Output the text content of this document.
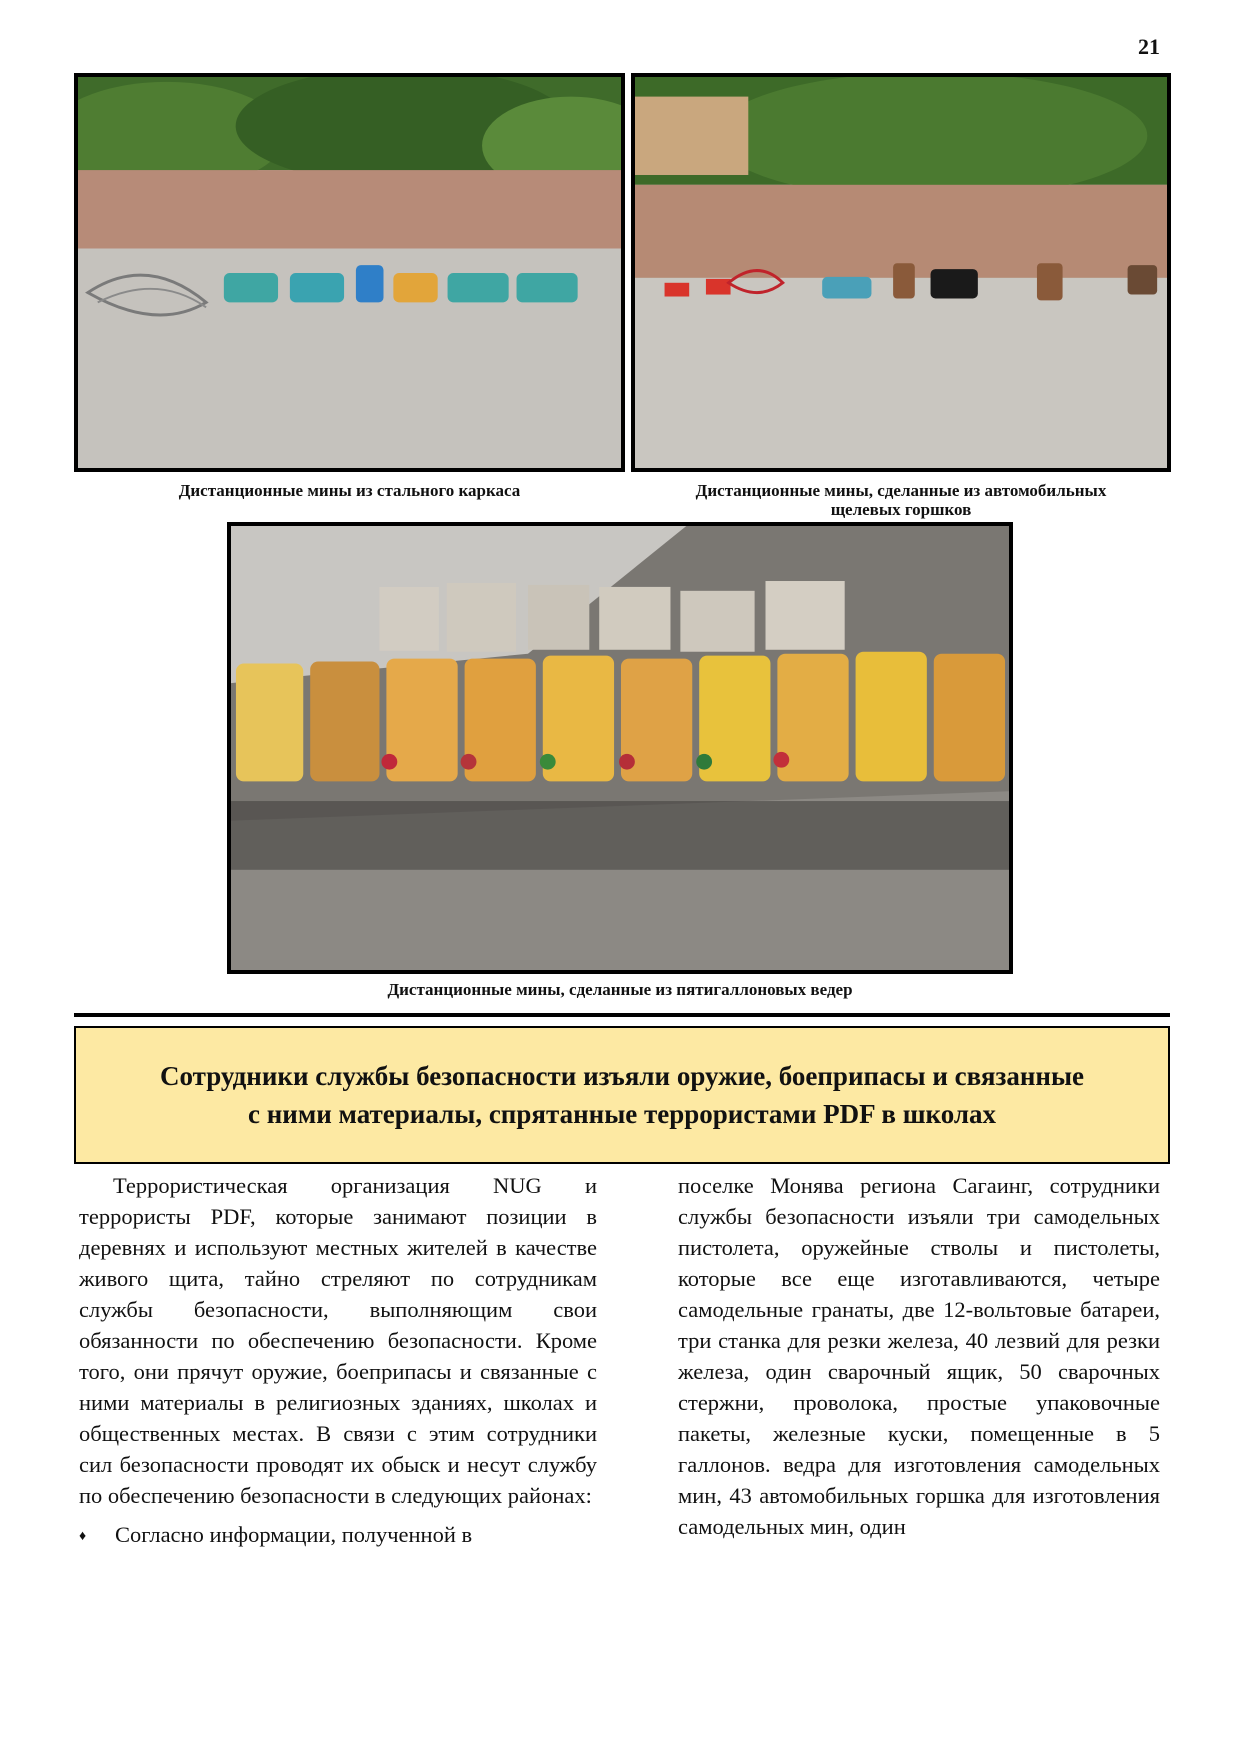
21
Дистанционные мины из стального каркаса	Дистанционные мины, сделанные из автомобильных
щелевых горшков
Дистанционные мины, сделанные из пятигаллоновых ведер
Сотрудники службы безопасности изъяли оружие, боеприпасы и связанные
с ними материалы, спрятанные террористами PDF в школах

Террористическая организация NUG и террористы PDF, которые занимают позиции в деревнях и используют местных жителей в качестве живого щита, тайно стреляют по сотрудникам службы безопасности, выполняющим свои обязанности по обеспечению безопасности. Кроме того, они прячут оружие, боеприпасы и связанные с ними материалы в религиозных зданиях, школах и общественных местах. В связи с этим сотрудники сил безопасности проводят их обыск и несут службу по обеспечению безопасности в следующих районах:

♦	Согласно информации, полученной в

поселке Монява региона Сагаинг, сотрудники службы безопасности изъяли три самодельных пистолета, оружейные стволы и пистолеты, которые все еще изготавливаются, четыре самодельные гранаты, две 12-вольтовые батареи, три станка для резки железа, 40 лезвий для резки железа, один сварочный ящик, 50 сварочных стержни, проволока, простые упаковочные пакеты, железные куски, помещенные в 5 галлонов. ведра для изготовления самодельных мин, 43 автомобильных горшка для изготовления самодельных мин, один
